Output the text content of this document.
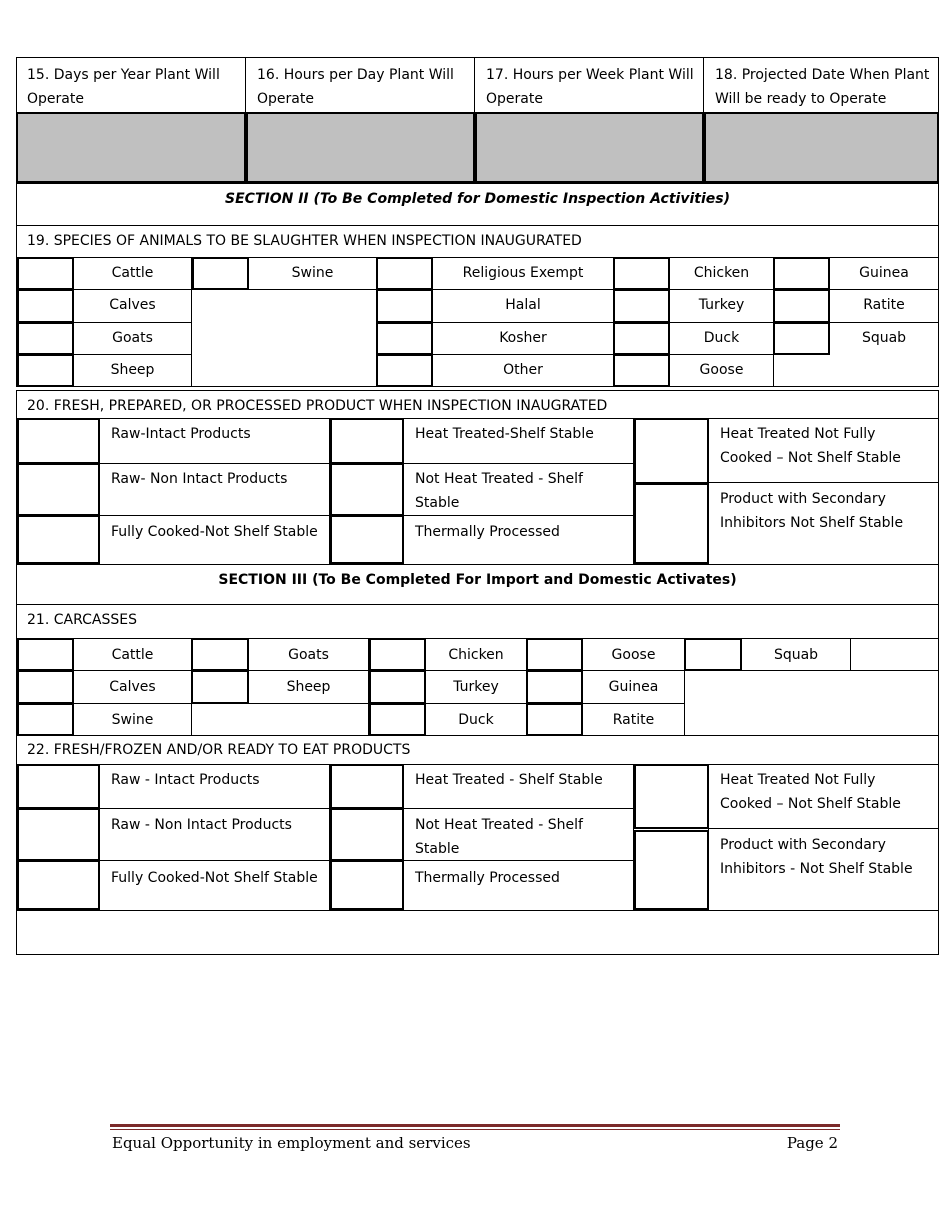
15. Days per Year Plant Will Operate
16. Hours per Day Plant Will Operate
17. Hours per Week Plant Will Operate
18. Projected Date When Plant Will be ready to Operate
SECTION II (To Be Completed for Domestic Inspection Activities)
19. SPECIES OF ANIMALS TO BE SLAUGHTER WHEN INSPECTION INAUGURATED
Cattle
Calves
Goats
Sheep
Swine	Religious Exempt
Halal
Kosher
Other
Chicken
Turkey
Duck
Goose
Guinea
Ratite
Squab
20. FRESH, PREPARED, OR PROCESSED PRODUCT WHEN INSPECTION INAUGRATED
Raw-Intact Products
Raw- Non Intact Products
Fully Cooked-Not Shelf Stable
Heat Treated-Shelf Stable
Not Heat Treated - Shelf Stable
Thermally Processed
Heat Treated Not Fully Cooked – Not Shelf Stable
Product with Secondary Inhibitors Not Shelf Stable
SECTION III (To Be Completed For Import and Domestic Activates)
21. CARCASSES
Cattle
Calves
Swine
Goats
Sheep
Chicken
Turkey
Duck
Goose
Guinea
Ratite
Squab
22. FRESH/FROZEN AND/OR READY TO EAT PRODUCTS
Raw - Intact Products
Raw - Non Intact Products
Fully Cooked-Not Shelf Stable
Heat Treated - Shelf Stable
Not Heat Treated - Shelf Stable
Thermally Processed
Heat Treated Not Fully Cooked – Not Shelf Stable
Product with Secondary Inhibitors - Not Shelf Stable
Equal Opportunity in employment and services	Page 2
